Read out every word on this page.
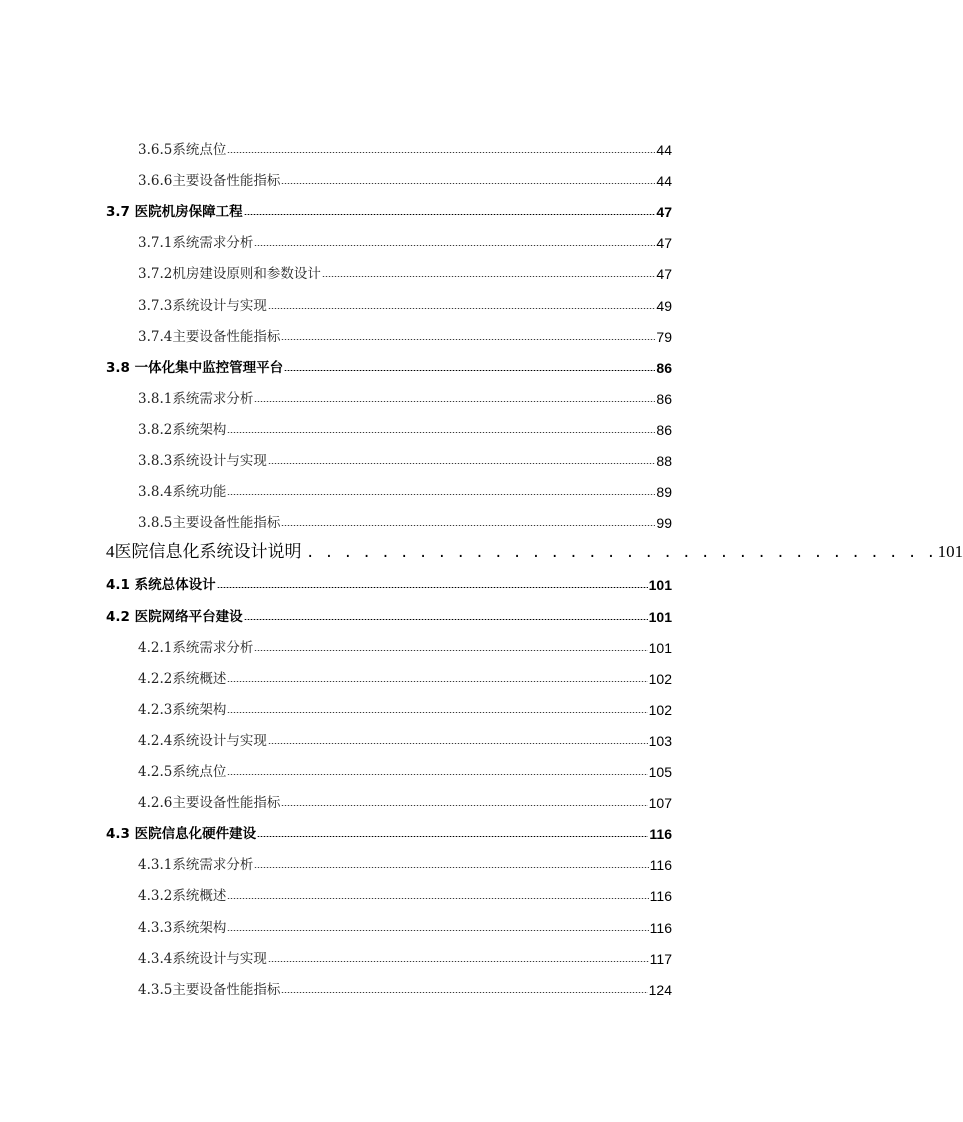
3.6.5系统点位	44
3.6.6主要设备性能指标	44
3.7 医院机房保障工程	47
3.7.1系统需求分析	47
3.7.2机房建设原则和参数设计	47
3.7.3系统设计与实现	49
3.7.4主要设备性能指标	79
3.8 一体化集中监控管理平台	86
3.8.1系统需求分析	86
3.8.2系统架构	86
3.8.3系统设计与实现	88
3.8.4系统功能	89
3.8.5主要设备性能指标	99
4 医院信息化系统设计说明 . . . . . . . . . . . . . . . . . . . . . . . . . . . . . . . . . . 101
4.1 系统总体设计	101
4.2 医院网络平台建设	101
4.2.1系统需求分析	101
4.2.2系统概述	102
4.2.3系统架构	102
4.2.4系统设计与实现	103
4.2.5系统点位	105
4.2.6主要设备性能指标	107
4.3 医院信息化硬件建设	116
4.3.1系统需求分析	116
4.3.2系统概述	116
4.3.3系统架构	116
4.3.4系统设计与实现	117
4.3.5主要设备性能指标	124
